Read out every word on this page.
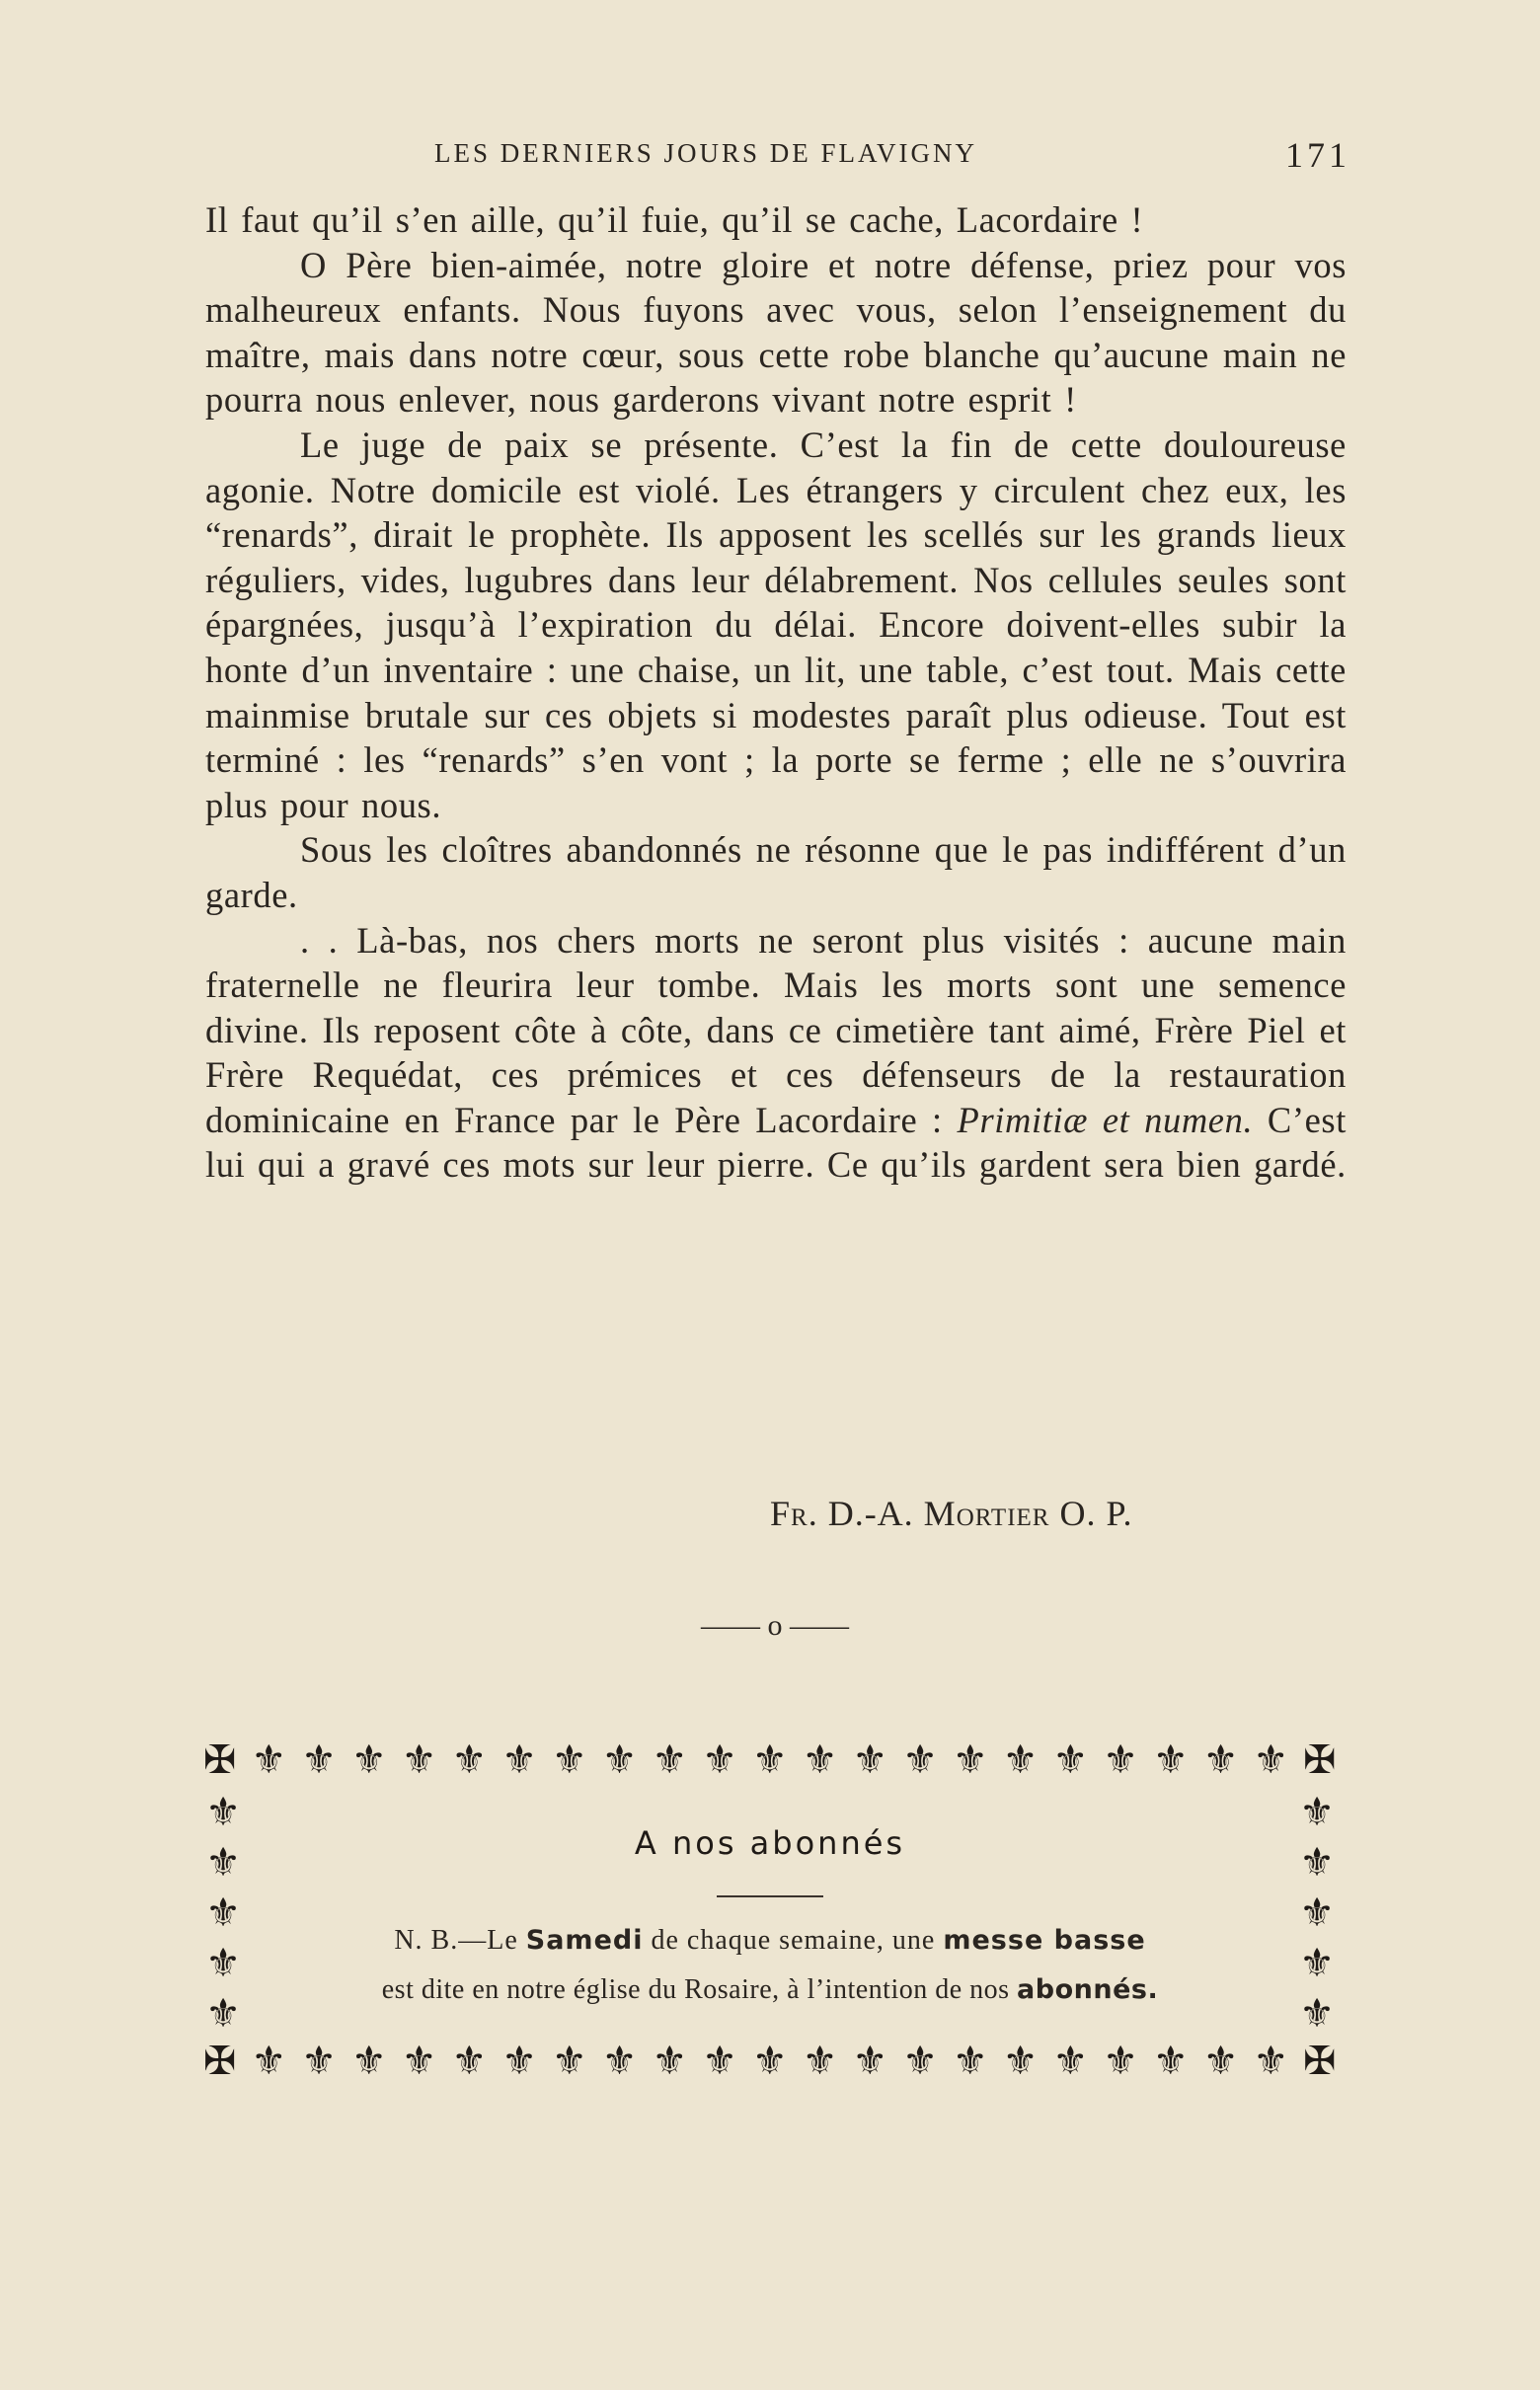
LES DERNIERS JOURS DE FLAVIGNY	171

Il faut qu’il s’en aille, qu’il fuie, qu’il se cache, Lacordaire !

O Père bien-aimée, notre gloire et notre défense, priez pour vos malheureux enfants. Nous fuyons avec vous, selon l’enseignement du maître, mais dans notre cœur, sous cette robe blanche qu’aucune main ne pourra nous enlever, nous garderons vivant notre esprit !

Le juge de paix se présente. C’est la fin de cette douloureuse agonie. Notre domicile est violé. Les étrangers y circulent chez eux, les “renards”, dirait le prophète. Ils apposent les scellés sur les grands lieux réguliers, vides, lugubres dans leur délabrement. Nos cellules seules sont épargnées, jusqu’à l’expiration du délai. Encore doivent-elles subir la honte d’un inventaire : une chaise, un lit, une table, c’est tout. Mais cette mainmise brutale sur ces objets si modestes paraît plus odieuse. Tout est terminé : les “renards” s’en vont ; la porte se ferme ; elle ne s’ouvrira plus pour nous.

Sous les cloîtres abandonnés ne résonne que le pas indifférent d’un garde.

. . Là-bas, nos chers morts ne seront plus visités : aucune main fraternelle ne fleurira leur tombe. Mais les morts sont une semence divine. Ils reposent côte à côte, dans ce cimetière tant aimé, Frère Piel et Frère Requédat, ces prémices et ces défenseurs de la restauration dominicaine en France par le Père Lacordaire : Primitiæ et numen. C’est lui qui a gravé ces mots sur leur pierre. Ce qu’ils gardent sera bien gardé.

Fr. D.-A. Mortier O. P.
—— o ——
✠ ⚜ ⚜ ⚜ ⚜ ⚜ ⚜ ⚜ ⚜ ⚜ ⚜ ⚜ ⚜ ⚜ ⚜ ⚜ ⚜ ⚜ ⚜ ⚜ ⚜ ⚜ ✠
✠ ⚜ ⚜ ⚜ ⚜ ⚜ ⚜ ⚜ ⚜ ⚜ ⚜ ⚜ ⚜ ⚜ ⚜ ⚜ ⚜ ⚜ ⚜ ⚜ ⚜ ⚜ ✠
⚜
⚜
⚜
⚜
⚜
⚜
⚜
⚜
⚜
⚜
A nos abonnés
N. B.—Le Samedi de chaque semaine, une messe basse
est dite en notre église du Rosaire, à l’intention de nos abonnés.
